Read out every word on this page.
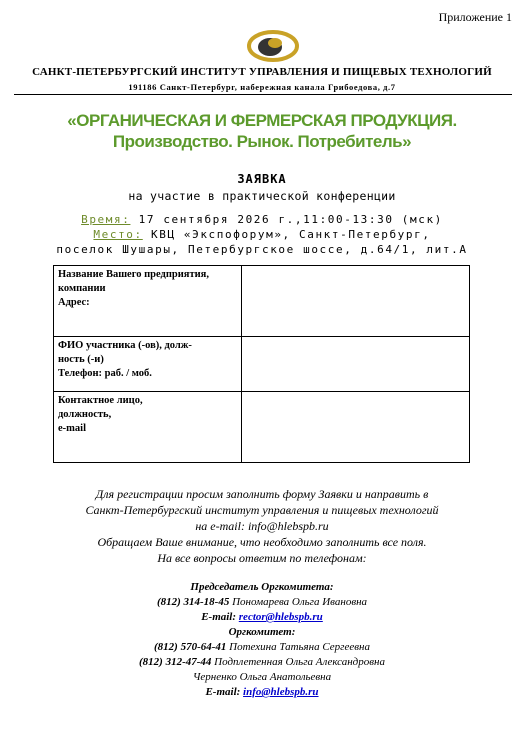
Приложение 1
САНКТ-ПЕТЕРБУРГСКИЙ ИНСТИТУТ УПРАВЛЕНИЯ И ПИЩЕВЫХ ТЕХНОЛОГИЙ
191186 Санкт-Петербург, набережная канала Грибоедова, д.7
«ОРГАНИЧЕСКАЯ И ФЕРМЕРСКАЯ ПРОДУКЦИЯ.
Производство. Рынок. Потребитель»
ЗАЯВКА
на участие в практической конференции
Время: 17 сентября 2026 г.,11:00-13:30 (мск)
Место: КВЦ «Экспофорум», Санкт-Петербург,
поселок Шушары, Петербургское шоссе, д.64/1, лит.А
Название Вашего предприятия,
компании
Адрес:	

ФИО участника (-ов), долж-
ность (-и)
Телефон: раб. / моб.	

Контактное лицо,
должность,
e-mail	

Для регистрации просим заполнить форму Заявки и направить в
Санкт-Петербургский институт управления и пищевых технологий
на e-mail: info@hlebspb.ru
Обращаем Ваше внимание, что необходимо заполнить все поля.
На все вопросы ответим по телефонам:
Председатель Оргкомитета:
(812) 314-18-45 Пономарева Ольга Ивановна
E-mail: rector@hlebspb.ru
Оргкомитет:
(812) 570-64-41 Потехина Татьяна Сергеевна
(812) 312-47-44 Подплетенная Ольга Александровна
Черненко Ольга Анатольевна
E-mail: info@hlebspb.ru
